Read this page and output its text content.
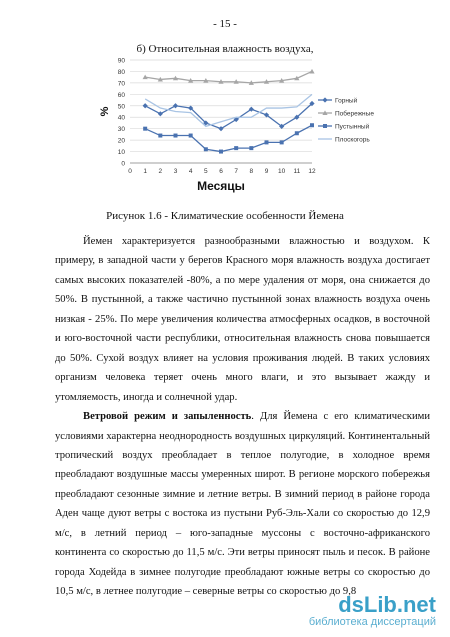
- 15 -
б) Относительная влажность воздуха,
0
10
20
30
40
50
60
70
80
90
0 1 2 3 4 5 6 7 8 9 10 11 12
Месяцы
%
Горный
Побережные
Пустынный
Плоскогорь
Рисунок 1.6 - Климатические особенности Йемена

Йемен характеризуется разнообразными влажностью и воздухом. К примеру, в западной части у берегов Красного моря влажность воздуха достигает самых высоких показателей -80%, а по мере удаления от моря, она снижается до 50%. В пустынной, а также частично пустынной зонах влажность воздуха очень низкая - 25%. По мере увеличения количества атмосферных осадков, в восточной и юго-восточной части республики, относительная влажность снова повышается до 50%. Сухой воздух влияет на условия проживания людей. В таких условиях организм человека теряет очень много влаги, и это вызывает жажду и утомляемость, иногда и солнечной удар.

Ветровой режим и запыленность. Для Йемена с его климатическими условиями характерна неоднородность воздушных циркуляций. Континентальный тропический воздух преобладает в теплое полугодие, в холодное время преобладают воздушные массы умеренных широт. В регионе морского побережья преобладают сезонные зимние и летние ветры. В зимний период в районе города Аден чаще дуют ветры с востока из пустыни Руб-Эль-Хали со скоростью до 12,9 м/с, в летний период – юго-западные муссоны с восточно-африканского континента со скоростью до 11,5 м/с. Эти ветры приносят пыль и песок. В районе города Ходейда в зимнее полугодие преобладают южные ветры со скоростью до 10,5 м/с, в летнее полугодие – северные ветры со скоростью до 9,8

dsLib.net
библиотека диссертаций
